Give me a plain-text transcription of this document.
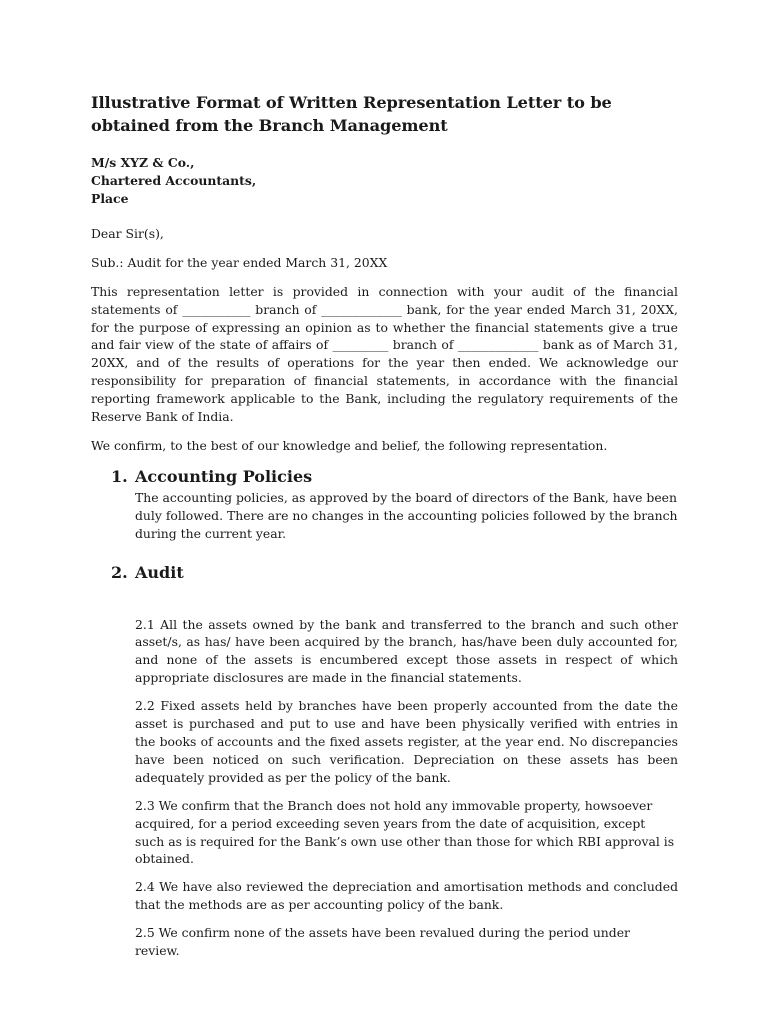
Illustrative Format of Written Representation Letter to be obtained from the Branch Management
M/s XYZ & Co.,
Chartered Accountants,
Place

Dear Sir(s),

Sub.: Audit for the year ended March 31, 20XX

This representation letter is provided in connection with your audit of the financial statements of ___________ branch of _____________ bank, for the year ended March 31, 20XX, for the purpose of expressing an opinion as to whether the financial statements give a true and fair view of the state of affairs of _________ branch of _____________ bank as of March 31, 20XX, and of the results of operations for the year then ended. We acknowledge our responsibility for preparation of financial statements, in accordance with the financial reporting framework applicable to the Bank, including the regulatory requirements of the Reserve Bank of India.

We confirm, to the best of our knowledge and belief, the following representation.

1. Accounting Policies

The accounting policies, as approved by the board of directors of the Bank, have been duly followed. There are no changes in the accounting policies followed by the branch during the current year.

2. Audit

2.1 All the assets owned by the bank and transferred to the branch and such other asset/s, as has/ have been acquired by the branch, has/have been duly accounted for, and none of the assets is encumbered except those assets in respect of which appropriate disclosures are made in the financial statements.

2.2 Fixed assets held by branches have been properly accounted from the date the asset is purchased and put to use and have been physically verified with entries in the books of accounts and the fixed assets register, at the year end. No discrepancies have been noticed on such verification. Depreciation on these assets has been adequately provided as per the policy of the bank.

2.3 We confirm that the Branch does not hold any immovable property, howsoever acquired, for a period exceeding seven years from the date of acquisition, except such as is required for the Bank’s own use other than those for which RBI approval is obtained.

2.4 We have also reviewed the depreciation and amortisation methods and concluded that the methods are as per accounting policy of the bank.

2.5 We confirm none of the assets have been revalued during the period under review.
